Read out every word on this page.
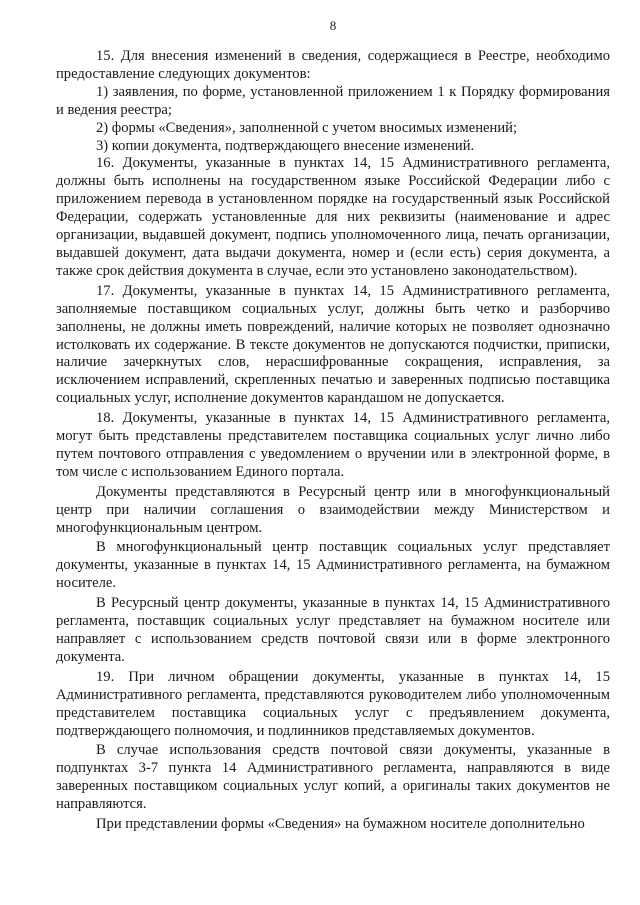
8

15. Для внесения изменений в сведения, содержащиеся в Реестре, необходимо предоставление следующих документов:

1) заявления, по форме, установленной приложением 1 к Порядку формирования и ведения реестра;

2) формы «Сведения», заполненной с учетом вносимых изменений;

3) копии документа, подтверждающего внесение изменений.

16. Документы, указанные в пунктах 14, 15 Административного регламента, должны быть исполнены на государственном языке Российской Федерации либо с приложением перевода в установленном порядке на государственный язык Российской Федерации, содержать установленные для них реквизиты (наименование и адрес организации, выдавшей документ, подпись уполномоченного лица, печать организации, выдавшей документ, дата выдачи документа, номер и (если есть) серия документа, а также срок действия документа в случае, если это установлено законодательством).

17. Документы, указанные в пунктах 14, 15 Административного регламента, заполняемые поставщиком социальных услуг, должны быть четко и разборчиво заполнены, не должны иметь повреждений, наличие которых не позволяет однозначно истолковать их содержание. В тексте документов не допускаются подчистки, приписки, наличие зачеркнутых слов, нерасшифрованные сокращения, исправления, за исключением исправлений, скрепленных печатью и заверенных подписью поставщика социальных услуг, исполнение документов карандашом не допускается.

18. Документы, указанные в пунктах 14, 15 Административного регламента, могут быть представлены представителем поставщика социальных услуг лично либо путем почтового отправления с уведомлением о вручении или в электронной форме, в том числе с использованием Единого портала.

Документы представляются в Ресурсный центр или в многофункциональный центр при наличии соглашения о взаимодействии между Министерством и многофункциональным центром.

В многофункциональный центр поставщик социальных услуг представляет документы, указанные в пунктах 14, 15 Административного регламента, на бумажном носителе.

В Ресурсный центр документы, указанные в пунктах 14, 15 Административного регламента, поставщик социальных услуг представляет на бумажном носителе или направляет с использованием средств почтовой связи или в форме электронного документа.

19. При личном обращении документы, указанные в пунктах 14, 15 Административного регламента, представляются руководителем либо уполномоченным представителем поставщика социальных услуг с предъявлением документа, подтверждающего полномочия, и подлинников представляемых документов.

В случае использования средств почтовой связи документы, указанные в подпунктах 3-7 пункта 14 Административного регламента, направляются в виде заверенных поставщиком социальных услуг копий, а оригиналы таких документов не направляются.

При представлении формы «Сведения» на бумажном носителе дополнительно
